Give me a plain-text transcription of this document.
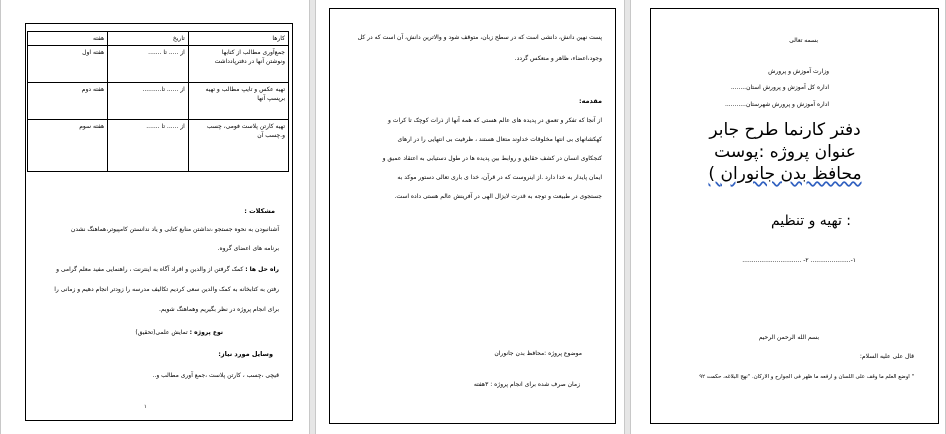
کارها	تاریخ	هفته
جمع‌آوری مطالب از کتابها
ونوشتن آنها در دفترپادداشت	از ..... تا .......	هفته اول
تهیه عکس و تایپ مطالب و تهیه
برپسپ آنها	از ...... تا..........	هفته دوم
تهیه کارتن پلاست فومی، چسب
و.چسب آن	از ...... تا .......	هفته سوم
مشکلات :
آشنانبودن به نحوه جستجو ،نداشتن منابع کتابی و یاد ندانستن کامپیوتر،هماهنگ نشدن
برنامه های اعضای گروه.
راه حل ها : کمک گرفتن از والدین و افراد آگاه به اینترنت ، راهنمایی مفید معلم گرامی و
رفتن به کتابخانه به کمک والدین سعی کردیم تکالیف مدرسه را زودتر انجام دهیم و زمانی را
برای انجام پروژه در نظر بگیریم وهماهنگ شویم.
نوع پروژه : تمایش علمی(تحقیق)
وسایل مورد نیاز:
قیچی ،چسب ، کارتن پلاست ،جمع آوری مطالب و..
۱
پست نهین دانش، دانشی است که در سطح زبان، متوقف شود و والاترین دانش، آن است که در کل
وجود،اعضاء، ظاهر و منعکس گردد.
مقدمه:
از آنجا که تفکر و تعمق در پدیده های عالم هستی که همه آنها از ذرات کوچک تا کرات و
کهکشانهای بی انتها مخلوقات خداوند متعال هستند ، ظرفیت بی انتهایی را در ارهای
کنجکاوی انسان در کشف حقایق و روابط بین پدیده ها در طول دستیابی به اعتقاد عمیق و
ایمان پایدار به خدا دارد .از اینروست که در قرآن، خدا ی باری تعالی دستور موکد به
جستجوی در طبیعت و توجه به قدرت لایزال الهی در آفرینش عالم هستی داده است.
موضوع پروژه :محافظ بدن جانوران
زمان صرف شده برای انجام پروژه : ۳هفته
بسمه تعالی
وزارت آموزش و پرورش
اداره کل آموزش و پرورش استان........
اداره آموزش و پرورش شهرستان...........
دفتر کارنما طرح جابر
عنوان پروژه :پوست
( محافظ بدن جانوران
تهیه و تنظیم :
۱-..................... ۲- ...............................
بسم الله الرحمن الرحیم
قال علی علیه السلام:
" اوضع العلم ما وقف علی اللسان و ارفعه ما ظهر فی الجوارح و الارکان. "نهج البلاغه، حکمت ۹۲
